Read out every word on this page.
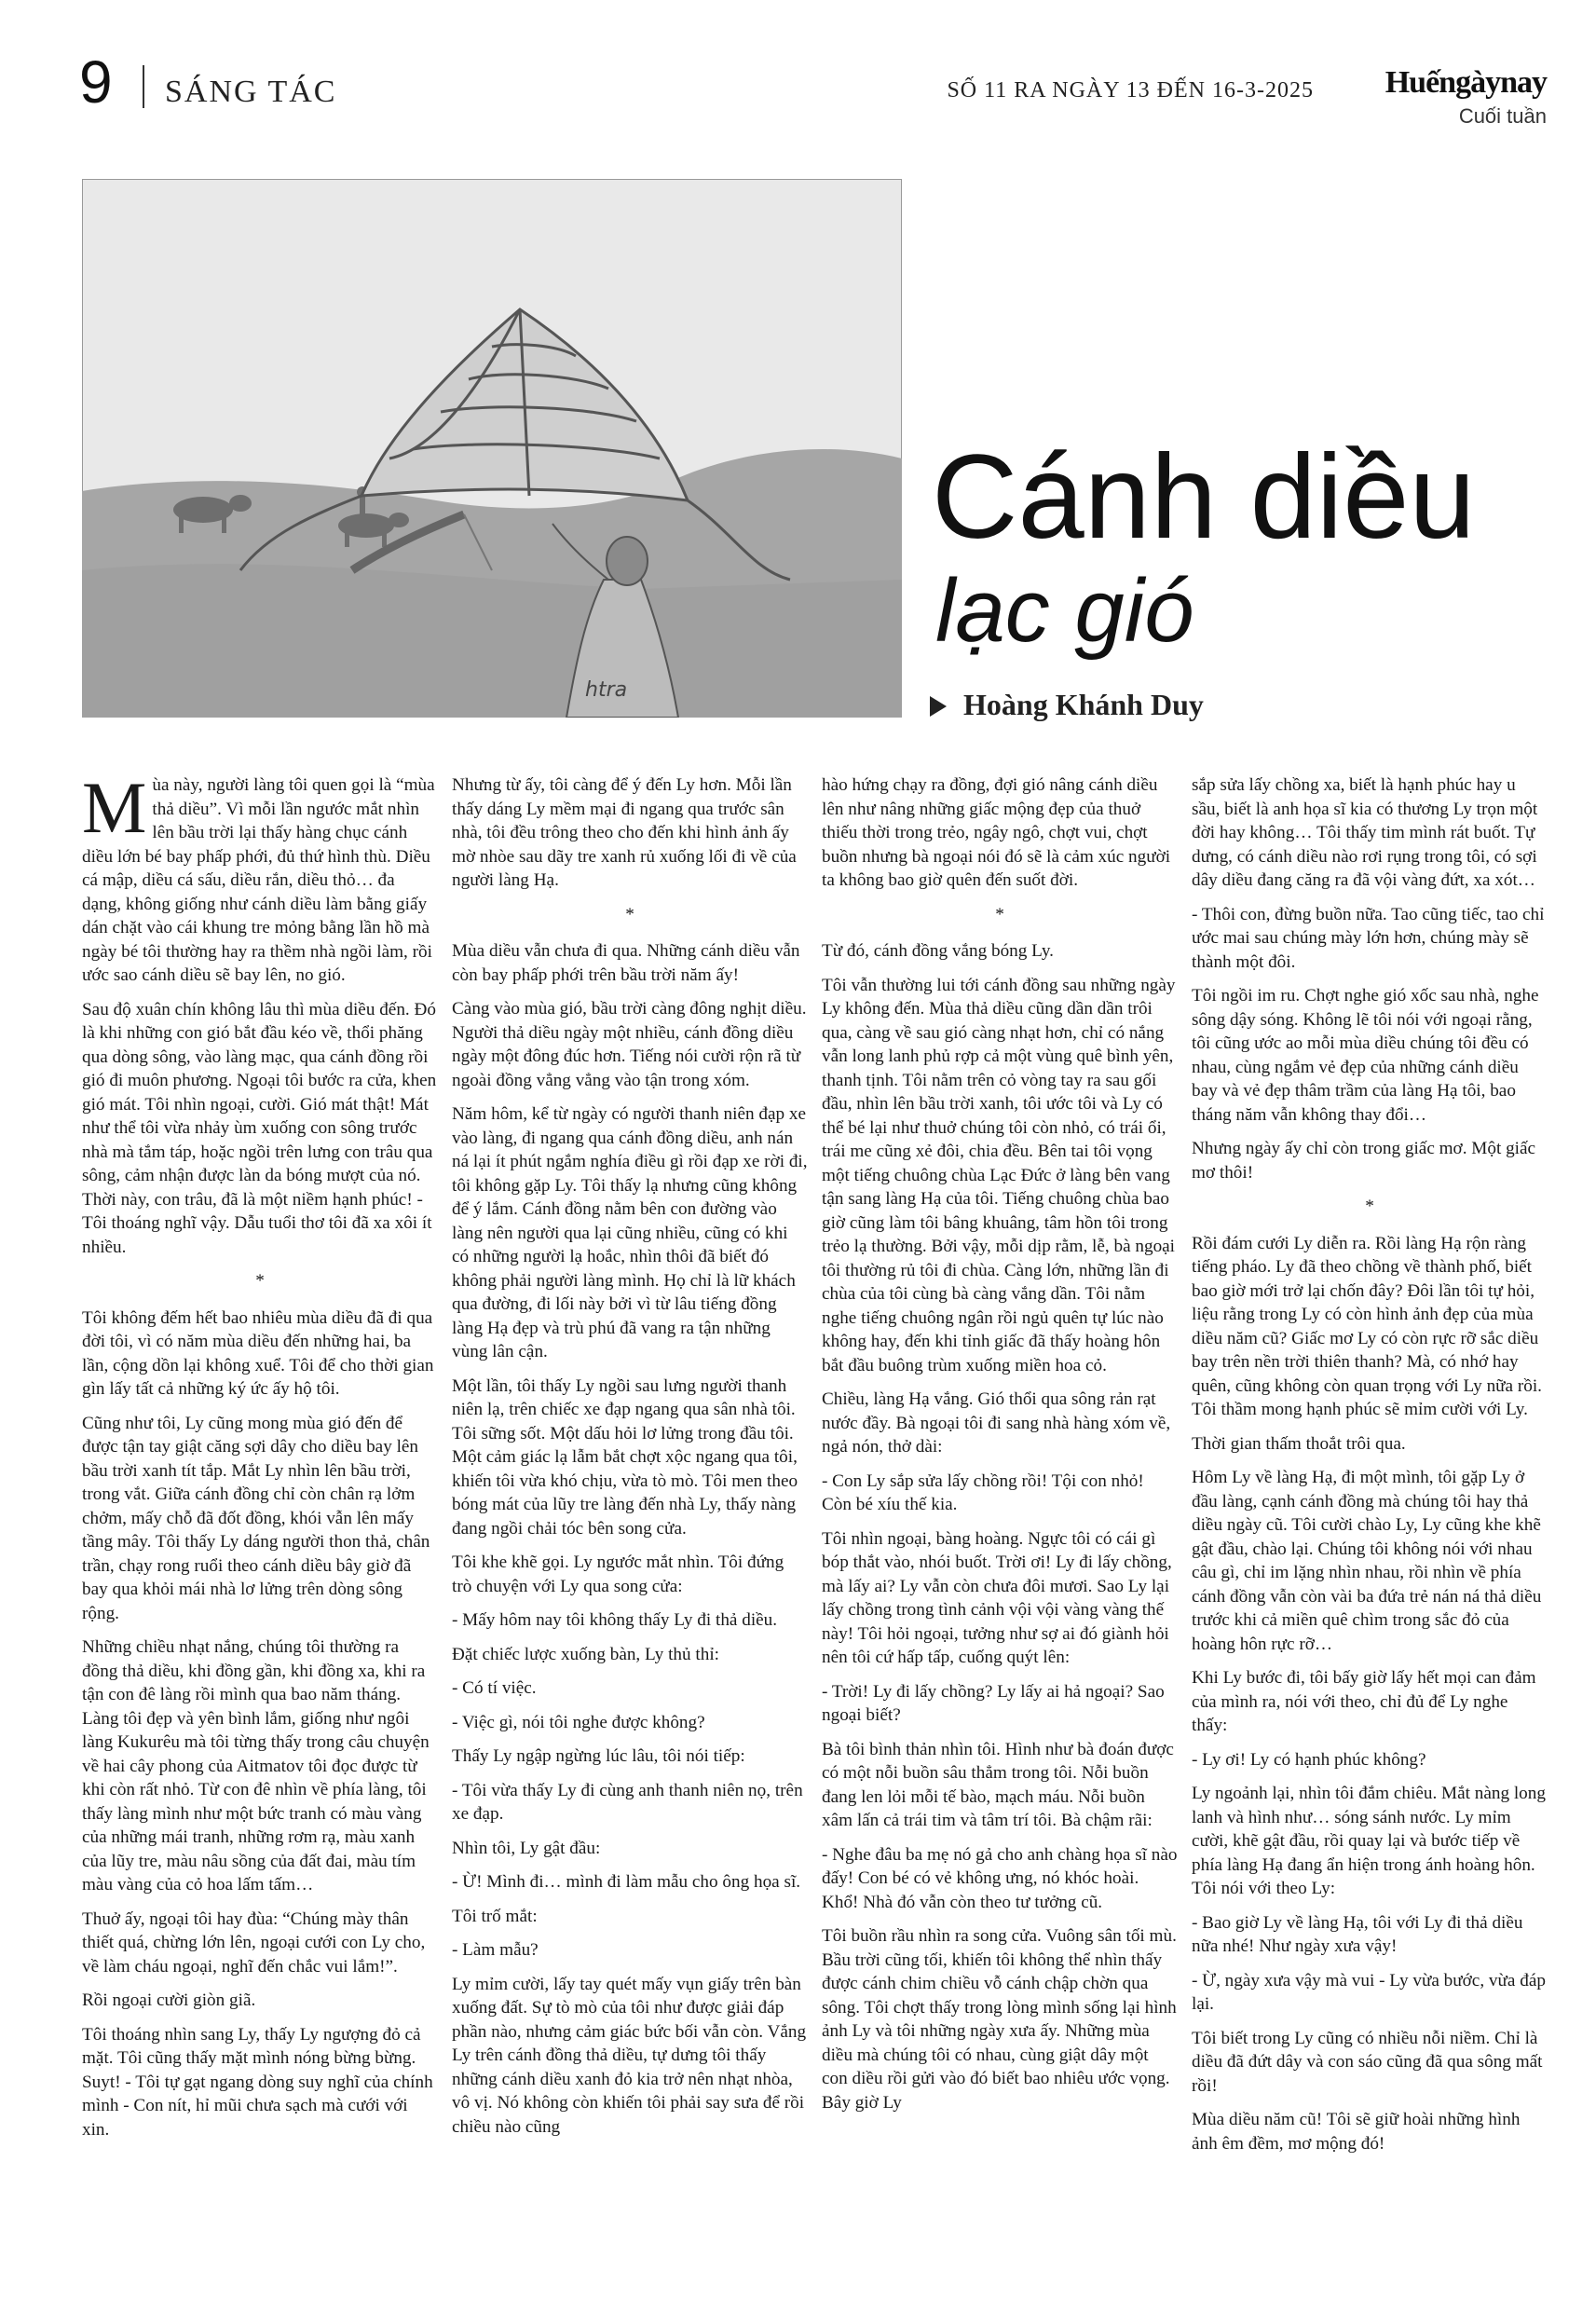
9 SÁNG TÁC	SỐ 11 RA NGÀY 13 ĐẾN 16-3-2025	Huếngàynay
Cuối tuần
htra
Cánh diều
lạc gió
Hoàng Khánh Duy

Mùa này, người làng tôi quen gọi là “mùa thả diều”. Vì mỗi lần ngước mắt nhìn lên bầu trời lại thấy hàng chục cánh diều lớn bé bay phấp phới, đủ thứ hình thù. Diều cá mập, diều cá sấu, diều rắn, diều thỏ… đa dạng, không giống như cánh diều làm bằng giấy dán chặt vào cái khung tre mỏng bằng lần hồ mà ngày bé tôi thường hay ra thềm nhà ngồi làm, rồi ước sao cánh diều sẽ bay lên, no gió.

Sau độ xuân chín không lâu thì mùa diều đến. Đó là khi những con gió bắt đầu kéo về, thổi phăng qua dòng sông, vào làng mạc, qua cánh đồng rồi gió đi muôn phương. Ngoại tôi bước ra cửa, khen gió mát. Tôi nhìn ngoại, cười. Gió mát thật! Mát như thể tôi vừa nhảy ùm xuống con sông trước nhà mà tắm táp, hoặc ngồi trên lưng con trâu qua sông, cảm nhận được làn da bóng mượt của nó. Thời này, con trâu, đã là một niềm hạnh phúc! - Tôi thoáng nghĩ vậy. Dẫu tuổi thơ tôi đã xa xôi ít nhiều.

*

Tôi không đếm hết bao nhiêu mùa diều đã đi qua đời tôi, vì có năm mùa diều đến những hai, ba lần, cộng dồn lại không xuể. Tôi để cho thời gian gìn lấy tất cả những ký ức ấy hộ tôi.

Cũng như tôi, Ly cũng mong mùa gió đến để được tận tay giật căng sợi dây cho diều bay lên bầu trời xanh tít tắp. Mắt Ly nhìn lên bầu trời, trong vắt. Giữa cánh đồng chỉ còn chân rạ lởm chởm, mấy chỗ đã đốt đồng, khói vẫn lên mấy tầng mây. Tôi thấy Ly dáng người thon thả, chân trần, chạy rong ruổi theo cánh diều bây giờ đã bay qua khỏi mái nhà lơ lửng trên dòng sông rộng.

Những chiều nhạt nắng, chúng tôi thường ra đồng thả diều, khi đồng gần, khi đồng xa, khi ra tận con đê làng rồi mình qua bao năm tháng. Làng tôi đẹp và yên bình lắm, giống như ngôi làng Kukurêu mà tôi từng thấy trong câu chuyện về hai cây phong của Aitmatov tôi đọc được từ khi còn rất nhỏ. Từ con đê nhìn về phía làng, tôi thấy làng mình như một bức tranh có màu vàng của những mái tranh, những rơm rạ, màu xanh của lũy tre, màu nâu sồng của đất đai, màu tím màu vàng của cỏ hoa lấm tấm…

Thuở ấy, ngoại tôi hay đùa: “Chúng mày thân thiết quá, chừng lớn lên, ngoại cưới con Ly cho, về làm cháu ngoại, nghĩ đến chắc vui lắm!”.

Rồi ngoại cười giòn giã.

Tôi thoáng nhìn sang Ly, thấy Ly ngượng đỏ cả mặt. Tôi cũng thấy mặt mình nóng bừng bừng. Suyt! - Tôi tự gạt ngang dòng suy nghĩ của chính mình - Con nít, hỉ mũi chưa sạch mà cưới với xin.

Nhưng từ ấy, tôi càng để ý đến Ly hơn. Mỗi lần thấy dáng Ly mềm mại đi ngang qua trước sân nhà, tôi đều trông theo cho đến khi hình ảnh ấy mờ nhòe sau dãy tre xanh rủ xuống lối đi về của người làng Hạ.

*

Mùa diều vẫn chưa đi qua. Những cánh diều vẫn còn bay phấp phới trên bầu trời năm ấy!

Càng vào mùa gió, bầu trời càng đông nghịt diều. Người thả diều ngày một nhiều, cánh đồng diều ngày một đông đúc hơn. Tiếng nói cười rộn rã từ ngoài đồng vẳng vẳng vào tận trong xóm.

Năm hôm, kể từ ngày có người thanh niên đạp xe vào làng, đi ngang qua cánh đồng diều, anh nán ná lại ít phút ngắm nghía điều gì rồi đạp xe rời đi, tôi không gặp Ly. Tôi thấy lạ nhưng cũng không để ý lắm. Cánh đồng nằm bên con đường vào làng nên người qua lại cũng nhiều, cũng có khi có những người lạ hoắc, nhìn thôi đã biết đó không phải người làng mình. Họ chỉ là lữ khách qua đường, đi lối này bởi vì từ lâu tiếng đồng làng Hạ đẹp và trù phú đã vang ra tận những vùng lân cận.

Một lần, tôi thấy Ly ngồi sau lưng người thanh niên lạ, trên chiếc xe đạp ngang qua sân nhà tôi. Tôi sững sốt. Một dấu hỏi lơ lửng trong đầu tôi. Một cảm giác lạ lẫm bắt chợt xộc ngang qua tôi, khiến tôi vừa khó chịu, vừa tò mò. Tôi men theo bóng mát của lũy tre làng đến nhà Ly, thấy nàng đang ngồi chải tóc bên song cửa.

Tôi khe khẽ gọi. Ly ngước mắt nhìn. Tôi đứng trò chuyện với Ly qua song cửa:

- Mấy hôm nay tôi không thấy Ly đi thả diều.

Đặt chiếc lược xuống bàn, Ly thủ thỉ:

- Có tí việc.

- Việc gì, nói tôi nghe được không?

Thấy Ly ngập ngừng lúc lâu, tôi nói tiếp:

- Tôi vừa thấy Ly đi cùng anh thanh niên nọ, trên xe đạp.

Nhìn tôi, Ly gật đầu:

- Ừ! Mình đi… mình đi làm mẫu cho ông họa sĩ.

Tôi trố mắt:

- Làm mẫu?

Ly mỉm cười, lấy tay quét mấy vụn giấy trên bàn xuống đất. Sự tò mò của tôi như được giải đáp phần nào, nhưng cảm giác bức bối vẫn còn. Vắng Ly trên cánh đồng thả diều, tự dưng tôi thấy những cánh diều xanh đỏ kia trở nên nhạt nhòa, vô vị. Nó không còn khiến tôi phải say sưa để rồi chiều nào cũng

hào hứng chạy ra đồng, đợi gió nâng cánh diều lên như nâng những giấc mộng đẹp của thuở thiếu thời trong trẻo, ngây ngô, chợt vui, chợt buồn nhưng bà ngoại nói đó sẽ là cảm xúc người ta không bao giờ quên đến suốt đời.

*

Từ đó, cánh đồng vắng bóng Ly.

Tôi vẫn thường lui tới cánh đồng sau những ngày Ly không đến. Mùa thả diều cũng dần dần trôi qua, càng về sau gió càng nhạt hơn, chỉ có nắng vẫn long lanh phủ rợp cả một vùng quê bình yên, thanh tịnh. Tôi nằm trên cỏ vòng tay ra sau gối đầu, nhìn lên bầu trời xanh, tôi ước tôi và Ly có thể bé lại như thuở chúng tôi còn nhỏ, có trái ổi, trái me cũng xẻ đôi, chia đều. Bên tai tôi vọng một tiếng chuông chùa Lạc Đức ở làng bên vang tận sang làng Hạ của tôi. Tiếng chuông chùa bao giờ cũng làm tôi bâng khuâng, tâm hồn tôi trong trẻo lạ thường. Bởi vậy, mỗi dịp rằm, lễ, bà ngoại tôi thường rủ tôi đi chùa. Càng lớn, những lần đi chùa của tôi cùng bà càng vắng dần. Tôi nằm nghe tiếng chuông ngân rồi ngủ quên tự lúc nào không hay, đến khi tỉnh giấc đã thấy hoàng hôn bắt đầu buông trùm xuống miền hoa cỏ.

Chiều, làng Hạ vắng. Gió thổi qua sông rản rạt nước đầy. Bà ngoại tôi đi sang nhà hàng xóm về, ngả nón, thở dài:

- Con Ly sắp sửa lấy chồng rồi! Tội con nhỏ! Còn bé xíu thế kia.

Tôi nhìn ngoại, bàng hoàng. Ngực tôi có cái gì bóp thắt vào, nhói buốt. Trời ơi! Ly đi lấy chồng, mà lấy ai? Ly vẫn còn chưa đôi mươi. Sao Ly lại lấy chồng trong tình cảnh vội vội vàng vàng thế này! Tôi hỏi ngoại, tưởng như sợ ai đó giành hỏi nên tôi cứ hấp tấp, cuống quýt lên:

- Trời! Ly đi lấy chồng? Ly lấy ai hả ngoại? Sao ngoại biết?

Bà tôi bình thản nhìn tôi. Hình như bà đoán được có một nỗi buồn sâu thẳm trong tôi. Nỗi buồn đang len lỏi mỗi tế bào, mạch máu. Nỗi buồn xâm lấn cả trái tim và tâm trí tôi. Bà chậm rãi:

- Nghe đâu ba mẹ nó gả cho anh chàng họa sĩ nào đấy! Con bé có vẻ không ưng, nó khóc hoài. Khổ! Nhà đó vẫn còn theo tư tưởng cũ.

Tôi buồn rầu nhìn ra song cửa. Vuông sân tối mù. Bầu trời cũng tối, khiến tôi không thể nhìn thấy được cánh chim chiều vỗ cánh chập chờn qua sông. Tôi chợt thấy trong lòng mình sống lại hình ảnh Ly và tôi những ngày xưa ấy. Những mùa diều mà chúng tôi có nhau, cùng giật dây một con diều rồi gửi vào đó biết bao nhiêu ước vọng. Bây giờ Ly

sắp sửa lấy chồng xa, biết là hạnh phúc hay u sầu, biết là anh họa sĩ kia có thương Ly trọn một đời hay không… Tôi thấy tim mình rát buốt. Tự dưng, có cánh diều nào rơi rụng trong tôi, có sợi dây diều đang căng ra đã vội vàng đứt, xa xót…

- Thôi con, đừng buồn nữa. Tao cũng tiếc, tao chỉ ước mai sau chúng mày lớn hơn, chúng mày sẽ thành một đôi.

Tôi ngồi im ru. Chợt nghe gió xốc sau nhà, nghe sông dậy sóng. Không lẽ tôi nói với ngoại rằng, tôi cũng ước ao mỗi mùa diều chúng tôi đều có nhau, cùng ngắm vẻ đẹp của những cánh diều bay và vẻ đẹp thâm trầm của làng Hạ tôi, bao tháng năm vẫn không thay đổi…

Nhưng ngày ấy chỉ còn trong giấc mơ. Một giấc mơ thôi!

*

Rồi đám cưới Ly diễn ra. Rồi làng Hạ rộn ràng tiếng pháo. Ly đã theo chồng về thành phố, biết bao giờ mới trở lại chốn đây? Đôi lần tôi tự hỏi, liệu rằng trong Ly có còn hình ảnh đẹp của mùa diều năm cũ? Giấc mơ Ly có còn rực rỡ sắc diều bay trên nền trời thiên thanh? Mà, có nhớ hay quên, cũng không còn quan trọng với Ly nữa rồi. Tôi thầm mong hạnh phúc sẽ mỉm cười với Ly.

Thời gian thấm thoắt trôi qua.

Hôm Ly về làng Hạ, đi một mình, tôi gặp Ly ở đầu làng, cạnh cánh đồng mà chúng tôi hay thả diều ngày cũ. Tôi cười chào Ly, Ly cũng khe khẽ gật đầu, chào lại. Chúng tôi không nói với nhau câu gì, chỉ im lặng nhìn nhau, rồi nhìn về phía cánh đồng vẫn còn vài ba đứa trẻ nán ná thả diều trước khi cả miền quê chìm trong sắc đỏ của hoàng hôn rực rỡ…

Khi Ly bước đi, tôi bấy giờ lấy hết mọi can đảm của mình ra, nói với theo, chỉ đủ để Ly nghe thấy:

- Ly ơi! Ly có hạnh phúc không?

Ly ngoảnh lại, nhìn tôi đắm chiêu. Mắt nàng long lanh và hình như… sóng sánh nước. Ly mỉm cười, khẽ gật đầu, rồi quay lại và bước tiếp về phía làng Hạ đang ẩn hiện trong ánh hoàng hôn. Tôi nói với theo Ly:

- Bao giờ Ly về làng Hạ, tôi với Ly đi thả diều nữa nhé! Như ngày xưa vậy!

- Ừ, ngày xưa vậy mà vui - Ly vừa bước, vừa đáp lại.

Tôi biết trong Ly cũng có nhiều nỗi niềm. Chỉ là diều đã đứt dây và con sáo cũng đã qua sông mất rồi!

Mùa diều năm cũ! Tôi sẽ giữ hoài những hình ảnh êm đềm, mơ mộng đó!
